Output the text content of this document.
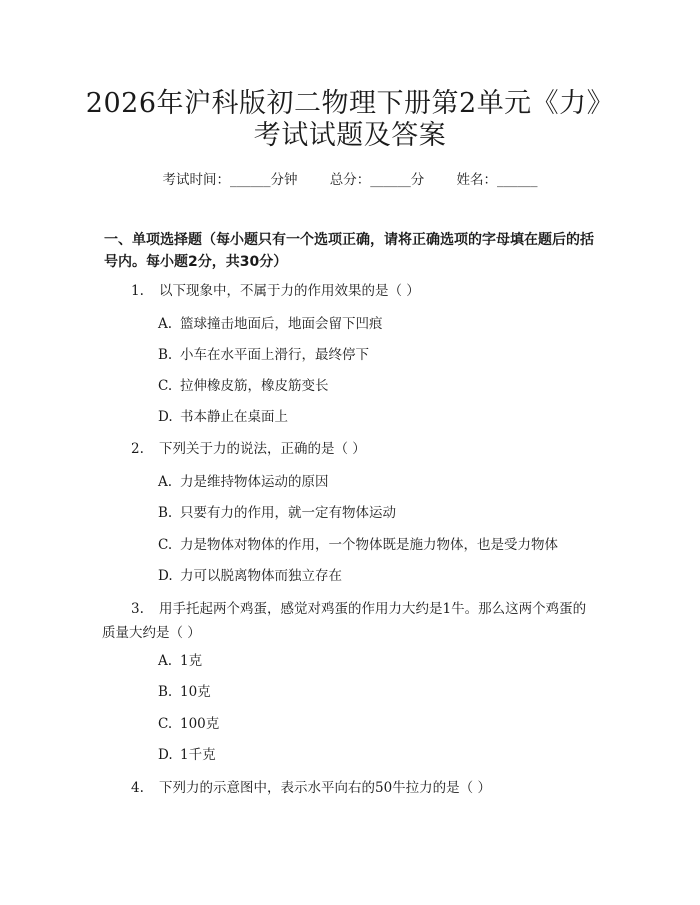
2026年沪科版初二物理下册第2单元《力》
考试试题及答案
考试时间：______分钟 总分：______分 姓名：______
一、单项选择题（每小题只有一个选项正确，请将正确选项的字母填在题后的括
号内。每小题2分，共30分）
1. 以下现象中，不属于力的作用效果的是（ ）
A. 篮球撞击地面后，地面会留下凹痕
B. 小车在水平面上滑行，最终停下
C. 拉伸橡皮筋，橡皮筋变长
D. 书本静止在桌面上
2. 下列关于力的说法，正确的是（ ）
A. 力是维持物体运动的原因
B. 只要有力的作用，就一定有物体运动
C. 力是物体对物体的作用，一个物体既是施力物体，也是受力物体
D. 力可以脱离物体而独立存在
3. 用手托起两个鸡蛋，感觉对鸡蛋的作用力大约是1牛。那么这两个鸡蛋的
质量大约是（ ）
A. 1克
B. 10克
C. 100克
D. 1千克
4. 下列力的示意图中，表示水平向右的50牛拉力的是（ ）
